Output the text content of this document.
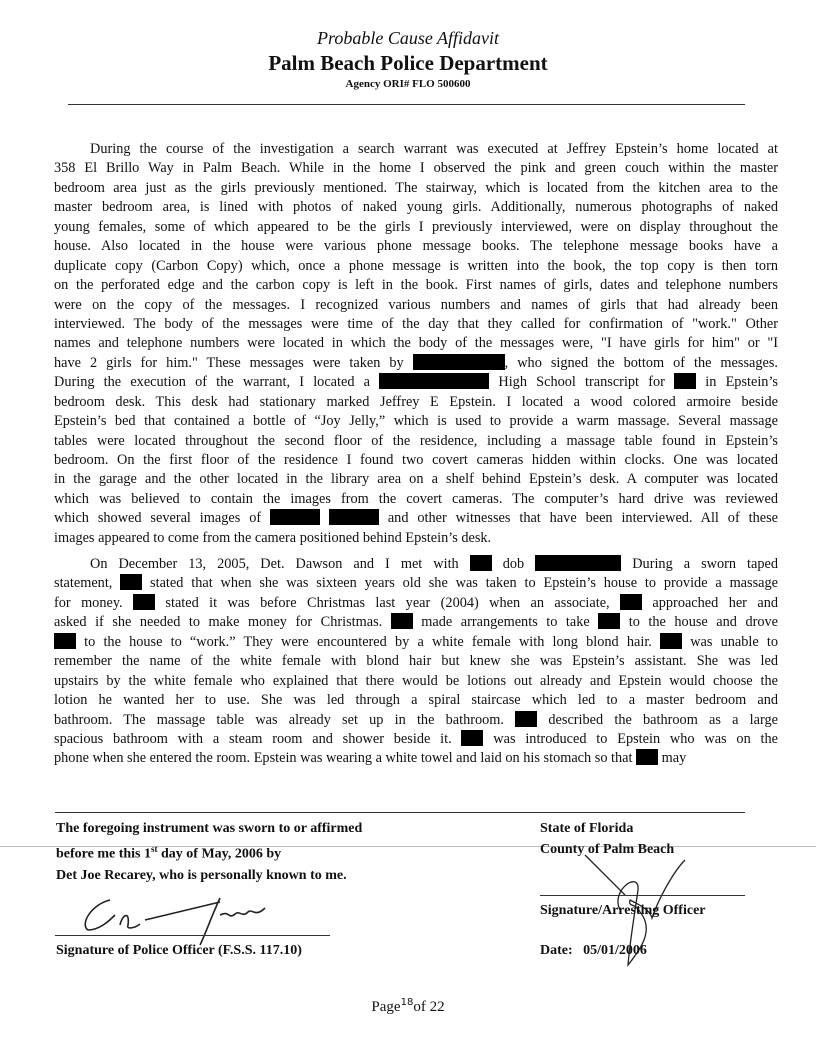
Probable Cause Affidavit
Palm Beach Police Department
Agency ORI# FLO 500600
During the course of the investigation a search warrant was executed at Jeffrey Epstein’s home located at
358 El Brillo Way in Palm Beach. While in the home I observed the pink and green couch within the master
bedroom area just as the girls previously mentioned. The stairway, which is located from the kitchen area to the
master bedroom area, is lined with photos of naked young girls. Additionally, numerous photographs of naked
young females, some of which appeared to be the girls I previously interviewed, were on display throughout the
house. Also located in the house were various phone message books. The telephone message books have a
duplicate copy (Carbon Copy) which, once a phone message is written into the book, the top copy is then torn
on the perforated edge and the carbon copy is left in the book. First names of girls, dates and telephone numbers
were on the copy of the messages. I recognized various numbers and names of girls that had already been
interviewed. The body of the messages were time of the day that they called for confirmation of "work." Other
names and telephone numbers were located in which the body of the messages were, "I have girls for him" or "I
have 2 girls for him." These messages were taken by	, who signed the bottom of the messages.
During the execution of the warrant, I located a	High School transcript for  in Epstein’s
bedroom desk. This desk had stationary marked Jeffrey E Epstein. I located a wood colored armoire beside
Epstein’s bed that contained a bottle of “Joy Jelly,” which is used to provide a warm massage. Several massage
tables were located throughout the second floor of the residence, including a massage table found in Epstein’s
bedroom. On the first floor of the residence I found two covert cameras hidden within clocks. One was located
in the garage and the other located in the library area on a shelf behind Epstein’s desk. A computer was located
which was believed to contain the images from the covert cameras. The computer’s hard drive was reviewed
which showed several images of	and other witnesses that have been interviewed. All of these
images appeared to come from the camera positioned behind Epstein’s desk.
On December 13, 2005, Det. Dawson and I met with  dob	During a sworn taped
statement,  stated that when she was sixteen years old she was taken to Epstein’s house to provide a massage
for money.  stated it was before Christmas last year (2004) when an associate,  approached her and
asked if she needed to make money for Christmas.  made arrangements to take  to the house and drove
to the house to “work.” They were encountered by a white female with long blond hair.  was unable to
remember the name of the white female with blond hair but knew she was Epstein’s assistant. She was led
upstairs by the white female who explained that there would be lotions out already and Epstein would choose the
lotion he wanted her to use. She was led through a spiral staircase which led to a master bedroom and
bathroom. The massage table was already set up in the bathroom.  described the bathroom as a large
spacious bathroom with a steam room and shower beside it.  was introduced to Epstein who was on the
phone when she entered the room. Epstein was wearing a white towel and laid on his stomach so that  may
The foregoing instrument was sworn to or affirmed
before me this 1st day of May, 2006 by
Det Joe Recarey, who is personally known to me.
Signature of Police Officer (F.S.S. 117.10)
State of Florida
County of Palm Beach
Signature/Arresting Officer
Date: 05/01/2006
Page$^{18}$of 22
